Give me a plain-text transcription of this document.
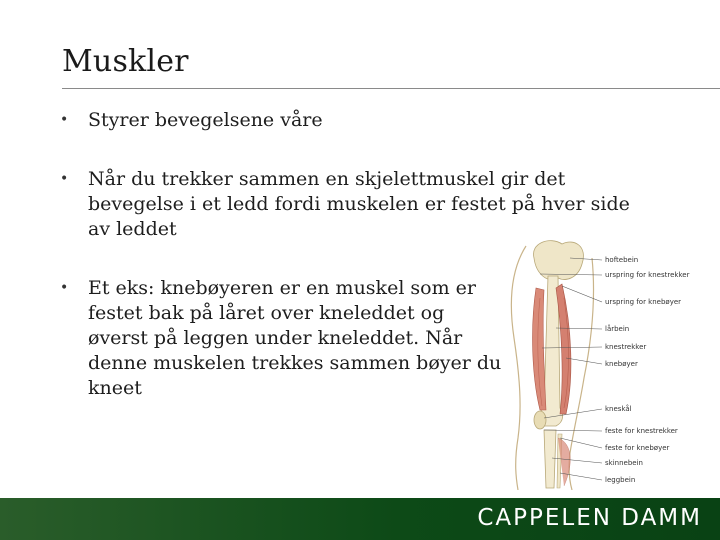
Muskler
• Styrer bevegelsene våre
• Når du trekker sammen en skjelettmuskel gir det bevegelse i et ledd fordi muskelen er festet på hver side av leddet
• Et eks: knebøyeren er en muskel som er festet bak på låret over kneleddet og øverst på leggen under kneleddet. Når denne muskelen trekkes sammen bøyer du kneet
hoftebein
urspring for knestrekker
urspring for knebøyer
lårbein
knestrekker
knebøyer
kneskål
feste for knestrekker
feste for knebøyer
skinnebein
leggbein
CAPPELEN DAMM
